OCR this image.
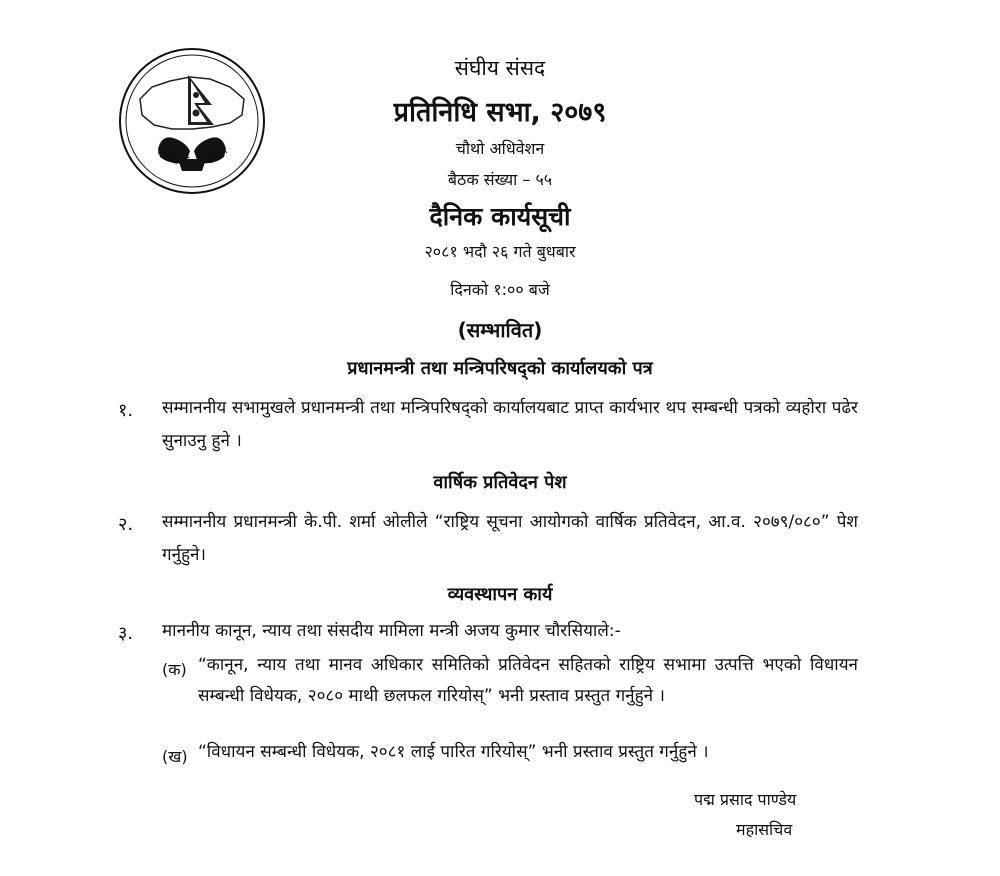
संघीय संसद नेपाल
संघीय संसद
प्रतिनिधि सभा, २०७९
चौथो अधिवेशन
बैठक संख्या – ५५
दैनिक कार्यसूची
२०८१ भदौ २६ गते बुधबार
दिनको १:०० बजे
(सम्भावित)
प्रधानमन्त्री तथा मन्त्रिपरिषद्को कार्यालयको पत्र
१. सम्माननीय सभामुखले प्रधानमन्त्री तथा मन्त्रिपरिषद्को कार्यालयबाट प्राप्त कार्यभार थप सम्बन्धी पत्रको व्यहोरा पढेर सुनाउनु हुने ।
वार्षिक प्रतिवेदन पेश
२. सम्माननीय प्रधानमन्त्री के.पी. शर्मा ओलीले “राष्ट्रिय सूचना आयोगको वार्षिक प्रतिवेदन, आ.व. २०७९/०८०” पेश गर्नुहुने।
व्यवस्थापन कार्य
३. माननीय कानून, न्याय तथा संसदीय मामिला मन्त्री अजय कुमार चौरसियाले:-
(क) “कानून, न्याय तथा मानव अधिकार समितिको प्रतिवेदन सहितको राष्ट्रिय सभामा उत्पत्ति भएको विधायन सम्बन्धी विधेयक, २०८० माथी छलफल गरियोस्” भनी प्रस्ताव प्रस्तुत गर्नुहुने ।
(ख) “विधायन सम्बन्धी विधेयक, २०८१ लाई पारित गरियोस्” भनी प्रस्ताव प्रस्तुत गर्नुहुने ।
पद्म प्रसाद पाण्डेय
महासचिव
